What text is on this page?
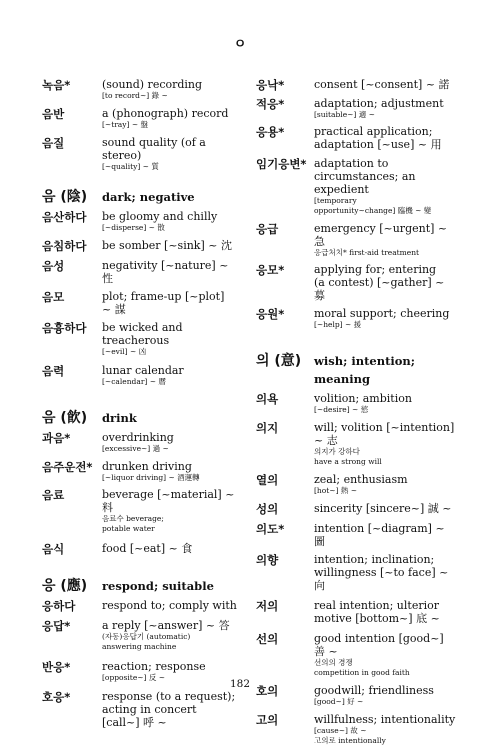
ㅇ
녹음*	(sound) recording
[to record~] 錄 ~
음반	a (phonograph) record
[~tray] ~ 盤
음질	sound quality (of a stereo)
[~quality] ~ 質
음 (陰)	dark; negative
음산하다	be gloomy and chilly
[~disperse] ~ 散
음침하다	be somber [~sink] ~ 沈
음성	negativity [~nature] ~ 性
음모	plot; frame-up [~plot] ~ 謀
음흉하다	be wicked and treacherous
[~evil] ~ 凶
음력	lunar calendar
[~calendar] ~ 曆
음 (飮)	drink
과음*	overdrinking
[excessive~] 過 ~
음주운전* drunken driving
[~liquor driving] ~ 酒運轉
음료	beverage [~material] ~ 料
음료수 beverage;
potable water
음식	food [~eat] ~ 食
응 (應)	respond; suitable
응하다	respond to; comply with
응답*	a reply [~answer] ~ 答
(자동)응답기 (automatic)
answering machine
반응*	reaction; response
[opposite~] 反 ~
호응*	response (to a request);
acting in concert [call~] 呼 ~
응낙*	consent [~consent] ~ 諾
적응*	adaptation; adjustment
[suitable~] 適 ~
응용*	practical application;
adaptation [~use] ~ 用
임기응변* adaptation to
circumstances; an
expedient
[temporary
opportunity~change] 臨機 ~ 變
응급	emergency [~urgent] ~ 急
응급처치* first-aid treatment
응모*	applying for; entering
(a contest) [~gather] ~ 募
응원*	moral support; cheering
[~help] ~ 援
의 (意)	wish; intention; meaning
의욕	volition; ambition
[~desire] ~ 慾
의지	will; volition [~intention] ~ 志
의지가 강하다
have a strong will
열의	zeal; enthusiasm
[hot~] 熱 ~
성의	sincerity [sincere~] 誠 ~
의도*	intention [~diagram] ~ 圖
의향	intention; inclination;
willingness [~to face] ~ 向
저의	real intention; ulterior
motive [bottom~] 底 ~
선의	good intention [good~] 善 ~
선의의 경쟁
competition in good faith
호의	goodwill; friendliness
[good~] 好 ~
고의	willfulness; intentionality
[cause~] 故 ~
고의로 intentionally
182
